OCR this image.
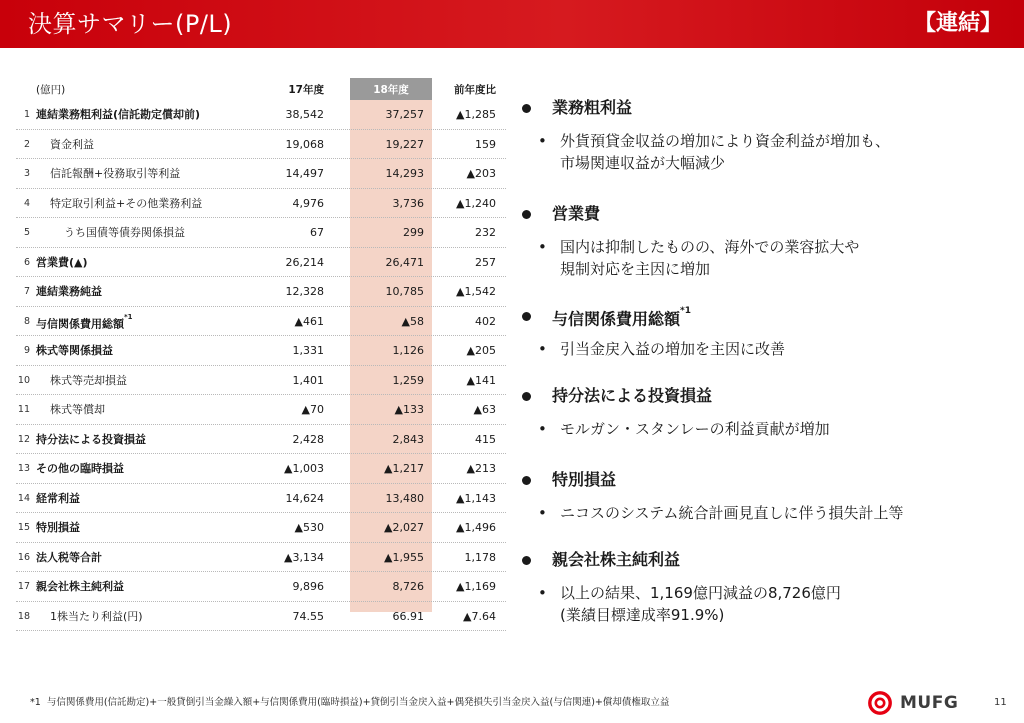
決算サマリー(P/L)	【連結】
(億円)	17年度	18年度	前年度比
1 連結業務粗利益(信託勘定償却前)	38,542	37,257	▲1,285
2 資金利益	19,068	19,227	159
3 信託報酬+役務取引等利益	14,497	14,293	▲203
4 特定取引利益+その他業務利益	4,976	3,736	▲1,240
5	うち国債等債券関係損益	67	299	232
6 営業費(▲)	26,214	26,471	257
7 連結業務純益	12,328	10,785	▲1,542
8 与信関係費用総額$^{*1}$	▲461	▲58	402
9 株式等関係損益	1,331	1,126	▲205
10 株式等売却損益	1,401	1,259	▲141
11 株式等償却	▲70	▲133	▲63
12 持分法による投資損益	2,428	2,843	415
13 その他の臨時損益	▲1,003	▲1,217	▲213
14 経常利益	14,624	13,480	▲1,143
15 特別損益	▲530	▲2,027	▲1,496
16 法人税等合計	▲3,134	▲1,955	1,178
17 親会社株主純利益	9,896	8,726	▲1,169
18 1株当たり利益(円)	74.55	66.91	▲7.64
業務粗利益
• 外貨預貸金収益の増加により資金利益が増加も、
市場関連収益が大幅減少
営業費
• 国内は抑制したものの、海外での業容拡大や
規制対応を主因に増加
与信関係費用総額$^{*1}$
• 引当金戻入益の増加を主因に改善
持分法による投資損益
• モルガン・スタンレーの利益貢献が増加
特別損益
• ニコスのシステム統合計画見直しに伴う損失計上等
親会社株主純利益
• 以上の結果、1,169億円減益の8,726億円
(業績目標達成率91.9%)
*1 与信関係費用(信託勘定)+一般貸倒引当金繰入額+与信関係費用(臨時損益)+貸倒引当金戻入益+偶発損失引当金戻入益(与信関連)+償却債権取立益	MUFG	11
